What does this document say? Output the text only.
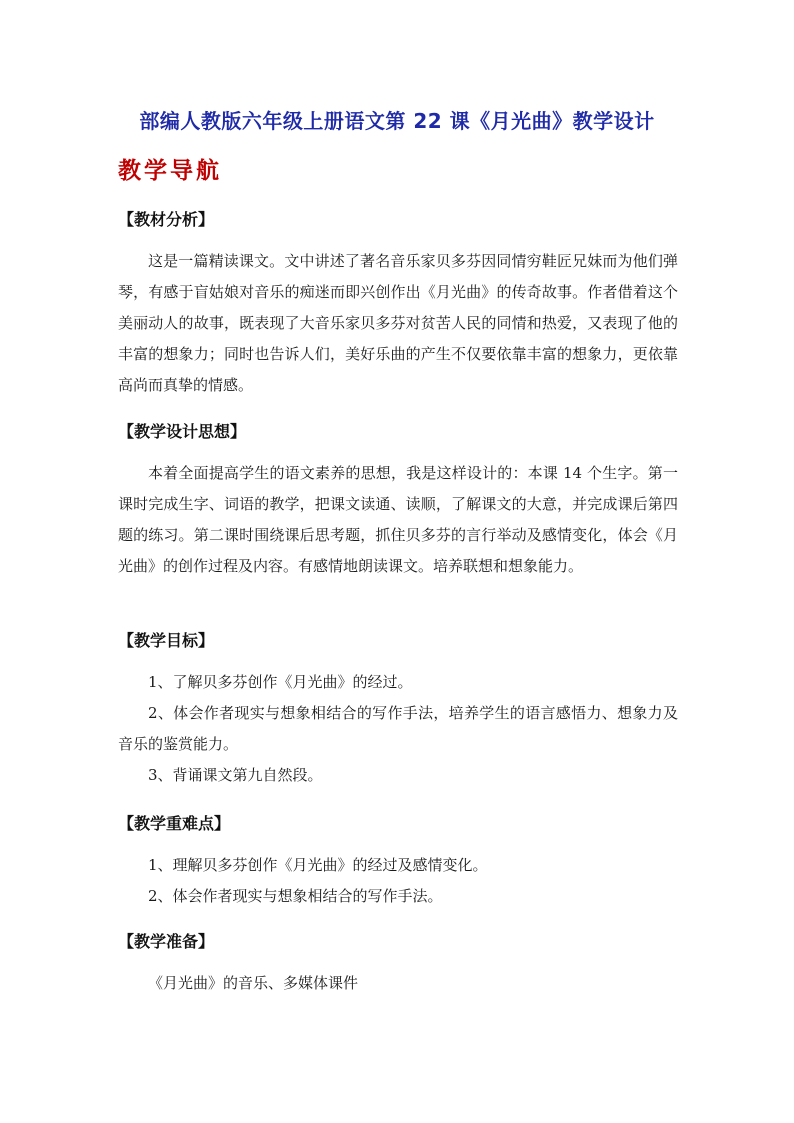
部编人教版六年级上册语文第 22 课《月光曲》教学设计
教学导航
【教材分析】

这是一篇精读课文。文中讲述了著名音乐家贝多芬因同情穷鞋匠兄妹而为他们弹琴，有感于盲姑娘对音乐的痴迷而即兴创作出《月光曲》的传奇故事。作者借着这个美丽动人的故事，既表现了大音乐家贝多芬对贫苦人民的同情和热爱，又表现了他的丰富的想象力；同时也告诉人们，美好乐曲的产生不仅要依靠丰富的想象力，更依靠高尚而真挚的情感。

【教学设计思想】

本着全面提高学生的语文素养的思想，我是这样设计的：本课 14 个生字。第一课时完成生字、词语的教学，把课文读通、读顺，了解课文的大意，并完成课后第四题的练习。第二课时围绕课后思考题，抓住贝多芬的言行举动及感情变化，体会《月光曲》的创作过程及内容。有感情地朗读课文。培养联想和想象能力。

【教学目标】

1、了解贝多芬创作《月光曲》的经过。

2、体会作者现实与想象相结合的写作手法，培养学生的语言感悟力、想象力及音乐的鉴赏能力。

3、背诵课文第九自然段。

【教学重难点】

1、理解贝多芬创作《月光曲》的经过及感情变化。

2、体会作者现实与想象相结合的写作手法。

【教学准备】

《月光曲》的音乐、多媒体课件
